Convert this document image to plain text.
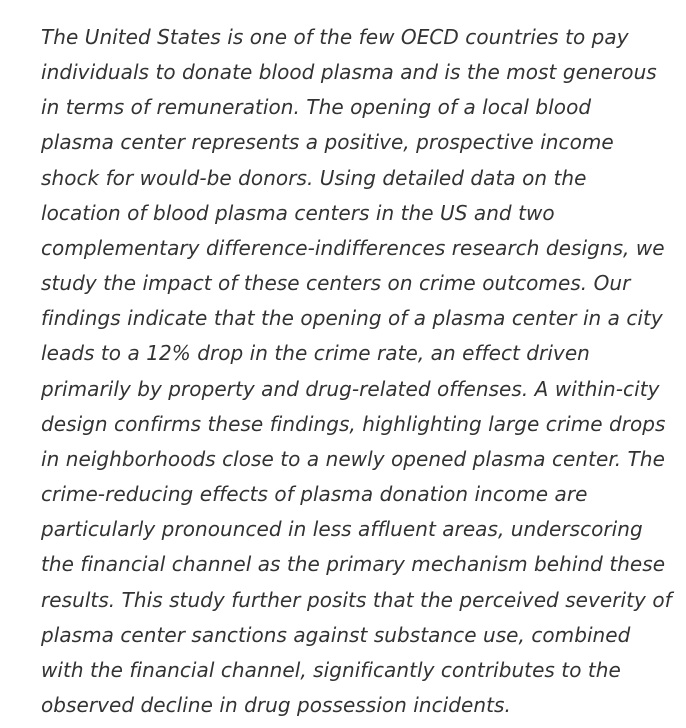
The United States is one of the few OECD countries to pay
individuals to donate blood plasma and is the most generous
in terms of remuneration. The opening of a local blood
plasma center represents a positive, prospective income
shock for would-be donors. Using detailed data on the
location of blood plasma centers in the US and two
complementary difference-indifferences research designs, we
study the impact of these centers on crime outcomes. Our
findings indicate that the opening of a plasma center in a city
leads to a 12% drop in the crime rate, an effect driven
primarily by property and drug-related offenses. A within-city
design confirms these findings, highlighting large crime drops
in neighborhoods close to a newly opened plasma center. The
crime-reducing effects of plasma donation income are
particularly pronounced in less affluent areas, underscoring
the financial channel as the primary mechanism behind these
results. This study further posits that the perceived severity of
plasma center sanctions against substance use, combined
with the financial channel, significantly contributes to the
observed decline in drug possession incidents.
